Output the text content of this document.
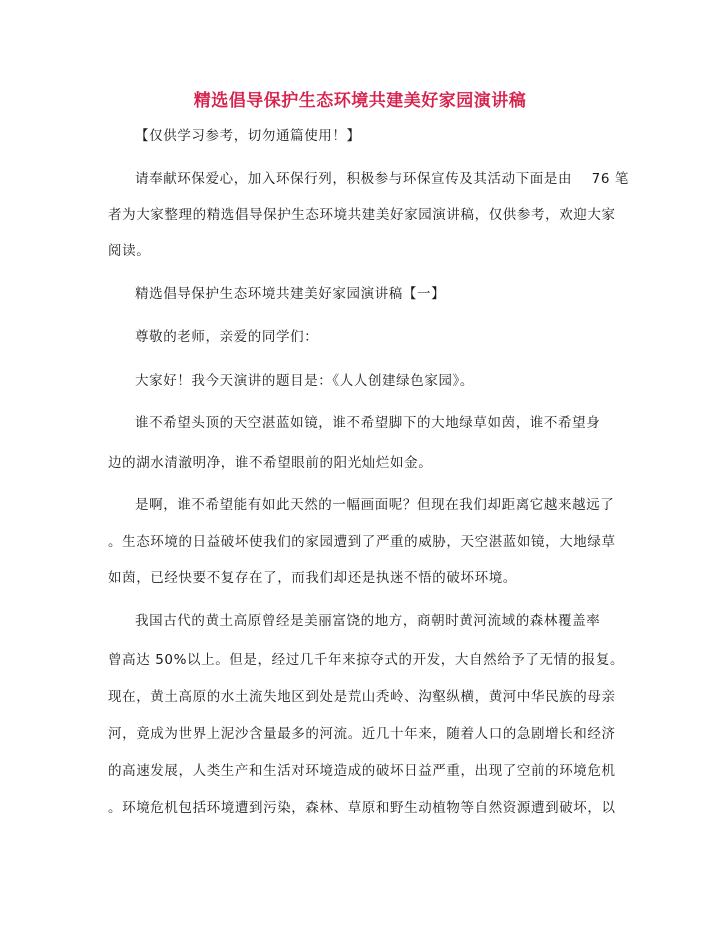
精选倡导保护生态环境共建美好家园演讲稿
【仅供学习参考，切勿通篇使用！】
请奉献环保爱心，加入环保行列，积极参与环保宣传及其活动下面是由    76 笔
者为大家整理的精选倡导保护生态环境共建美好家园演讲稿，仅供参考，欢迎大家
阅读。
精选倡导保护生态环境共建美好家园演讲稿【一】
尊敬的老师，亲爱的同学们：
大家好！我今天演讲的题目是：《人人创建绿色家园》。
谁不希望头顶的天空湛蓝如镜，谁不希望脚下的大地绿草如茵，谁不希望身
边的湖水清澈明净，谁不希望眼前的阳光灿烂如金。
是啊，谁不希望能有如此天然的一幅画面呢？但现在我们却距离它越来越远了
。生态环境的日益破坏使我们的家园遭到了严重的威胁，天空湛蓝如镜，大地绿草
如茵，已经快要不复存在了，而我们却还是执迷不悟的破坏环境。
我国古代的黄土高原曾经是美丽富饶的地方，商朝时黄河流域的森林覆盖率
曾高达 50%以上。但是，经过几千年来掠夺式的开发，大自然给予了无情的报复。
现在，黄土高原的水土流失地区到处是荒山秃岭、沟壑纵横，黄河中华民族的母亲
河，竟成为世界上泥沙含量最多的河流。近几十年来，随着人口的急剧增长和经济
的高速发展，人类生产和生活对环境造成的破坏日益严重，出现了空前的环境危机
。环境危机包括环境遭到污染，森林、草原和野生动植物等自然资源遭到破坏，以
